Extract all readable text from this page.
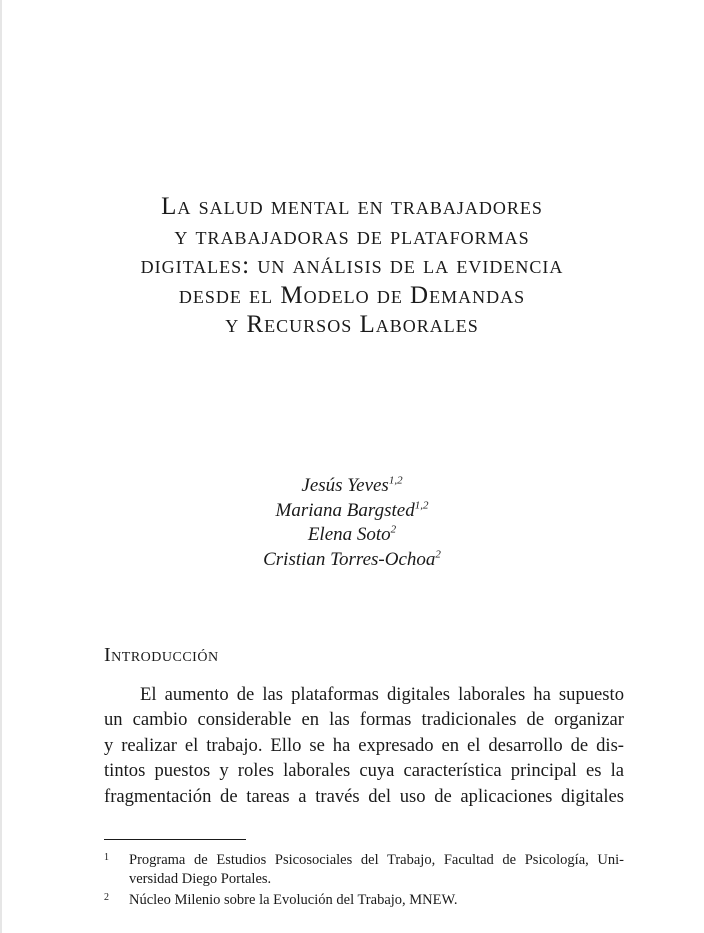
La salud mental en trabajadores
y trabajadoras de plataformas
digitales: un análisis de la evidencia
desde el Modelo de Demandas
y Recursos Laborales
Jesús Yeves$^{1,2}$
Mariana Bargsted$^{1,2}$
Elena Soto$^2$
Cristian Torres-Ochoa$^2$
Introducción
El aumento de las plataformas digitales laborales ha supuesto
un cambio considerable en las formas tradicionales de organizar
y realizar el trabajo. Ello se ha expresado en el desarrollo de dis-
tintos puestos y roles laborales cuya característica principal es la
fragmentación de tareas a través del uso de aplicaciones digitales
1 Programa de Estudios Psicosociales del Trabajo, Facultad de Psicología, Uni-
versidad Diego Portales.
2 Núcleo Milenio sobre la Evolución del Trabajo, MNEW.
